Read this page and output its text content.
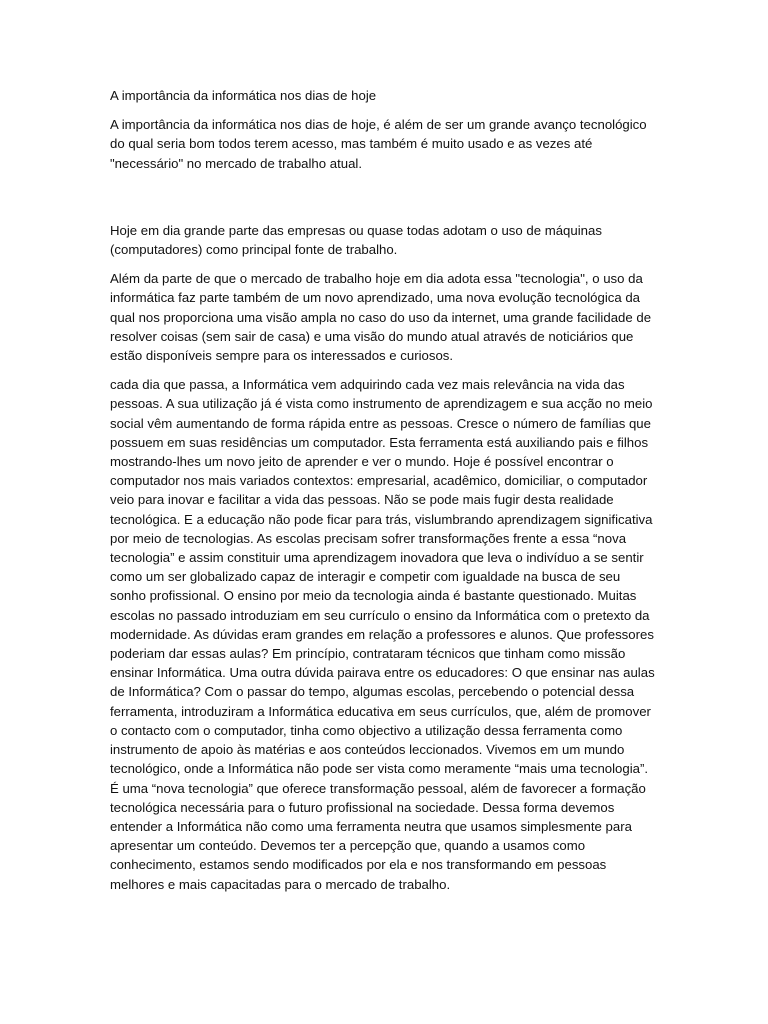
A importância da informática nos dias de hoje

A importância da informática nos dias de hoje, é além de ser um grande avanço tecnológico do qual seria bom todos terem acesso, mas também é muito usado e as vezes até "necessário" no mercado de trabalho atual.

Hoje em dia grande parte das empresas ou quase todas adotam o uso de máquinas (computadores) como principal fonte de trabalho.

Além da parte de que o mercado de trabalho hoje em dia adota essa "tecnologia", o uso da informática faz parte também de um novo aprendizado, uma nova evolução tecnológica da qual nos proporciona uma visão ampla no caso do uso da internet, uma grande facilidade de resolver coisas (sem sair de casa) e uma visão do mundo atual através de noticiários que estão disponíveis sempre para os interessados e curiosos.

cada dia que passa, a Informática vem adquirindo cada vez mais relevância na vida das pessoas. A sua utilização já é vista como instrumento de aprendizagem e sua acção no meio social vêm aumentando de forma rápida entre as pessoas. Cresce o número de famílias que possuem em suas residências um computador. Esta ferramenta está auxiliando pais e filhos mostrando-lhes um novo jeito de aprender e ver o mundo. Hoje é possível encontrar o computador nos mais variados contextos: empresarial, acadêmico, domiciliar, o computador veio para inovar e facilitar a vida das pessoas. Não se pode mais fugir desta realidade tecnológica. E a educação não pode ficar para trás, vislumbrando aprendizagem significativa por meio de tecnologias. As escolas precisam sofrer transformações frente a essa “nova tecnologia” e assim constituir uma aprendizagem inovadora que leva o indivíduo a se sentir como um ser globalizado capaz de interagir e competir com igualdade na busca de seu sonho profissional. O ensino por meio da tecnologia ainda é bastante questionado. Muitas escolas no passado introduziam em seu currículo o ensino da Informática com o pretexto da modernidade. As dúvidas eram grandes em relação a professores e alunos. Que professores poderiam dar essas aulas? Em princípio, contrataram técnicos que tinham como missão ensinar Informática. Uma outra dúvida pairava entre os educadores: O que ensinar nas aulas de Informática? Com o passar do tempo, algumas escolas, percebendo o potencial dessa ferramenta, introduziram a Informática educativa em seus currículos, que, além de promover o contacto com o computador, tinha como objectivo a utilização dessa ferramenta como instrumento de apoio às matérias e aos conteúdos leccionados. Vivemos em um mundo tecnológico, onde a Informática não pode ser vista como meramente “mais uma tecnologia”. É uma “nova tecnologia” que oferece transformação pessoal, além de favorecer a formação tecnológica necessária para o futuro profissional na sociedade. Dessa forma devemos entender a Informática não como uma ferramenta neutra que usamos simplesmente para apresentar um conteúdo. Devemos ter a percepção que, quando a usamos como conhecimento, estamos sendo modificados por ela e nos transformando em pessoas melhores e mais capacitadas para o mercado de trabalho.
